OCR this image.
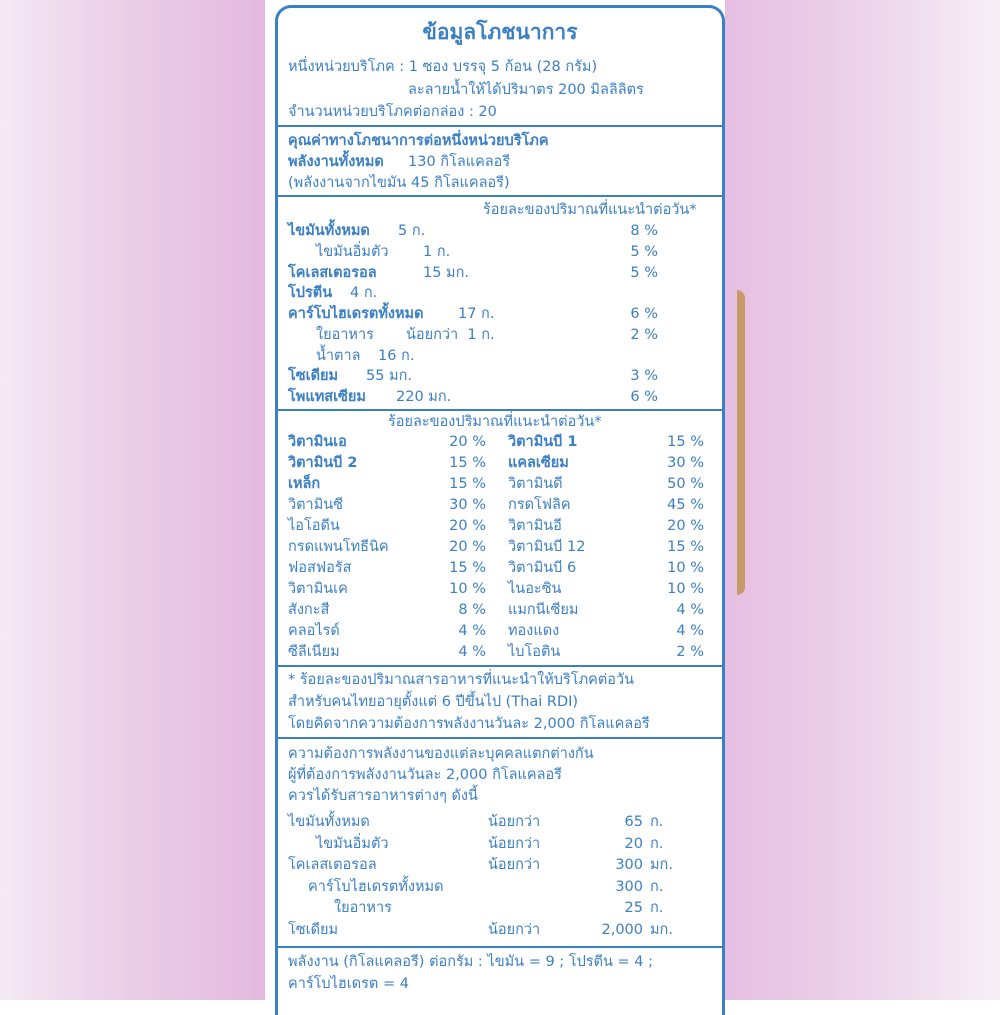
ข้อมูลโภชนาการ
หนึ่งหน่วยบริโภค : 1 ซอง บรรจุ 5 ก้อน (28 กรัม)
ละลายน้ำให้ได้ปริมาตร 200 มิลลิลิตร
จำนวนหน่วยบริโภคต่อกล่อง : 20
คุณค่าทางโภชนาการต่อหนึ่งหน่วยบริโภค
พลังงานทั้งหมด 130 กิโลแคลอรี
(พลังงานจากไขมัน 45 กิโลแคลอรี)
ร้อยละของปริมาณที่แนะนำต่อวัน*
ไขมันทั้งหมด 5 ก.	8 %
ไขมันอิ่มตัว 1 ก.	5 %
โคเลสเตอรอล	15 มก.	5 %
โปรตีน 4 ก.
คาร์โบไฮเดรตทั้งหมด 17 ก.	6 %
ใยอาหาร น้อยกว่า  1 ก.	2 %
น้ำตาล 16 ก.
โซเดียม 55 มก.	3 %
โพแทสเซียม 220 มก.	6 %
ร้อยละของปริมาณที่แนะนำต่อวัน*
วิตามินเอ	20 % วิตามินบี 1	15 %
วิตามินบี 2	15 % แคลเซียม	30 %
เหล็ก	15 % วิตามินดี	50 %
วิตามินซี	30 % กรดโฟลิค	45 %
ไอโอดีน	20 % วิตามินอี	20 %
กรดแพนโทธีนิค	20 % วิตามินบี 12	15 %
ฟอสฟอรัส	15 % วิตามินบี 6	10 %
วิตามินเค	10 % ไนอะซิน	10 %
สังกะสี	8 % แมกนีเซียม	4 %
คลอไรด์	4 % ทองแดง	4 %
ซีลีเนียม	4 % ไบโอติน	2 %
* ร้อยละของปริมาณสารอาหารที่แนะนำให้บริโภคต่อวัน
สำหรับคนไทยอายุตั้งแต่ 6 ปีขึ้นไป (Thai RDI)
โดยคิดจากความต้องการพลังงานวันละ 2,000 กิโลแคลอรี
ความต้องการพลังงานของแต่ละบุคคลแตกต่างกัน
ผู้ที่ต้องการพลังงานวันละ 2,000 กิโลแคลอรี
ควรได้รับสารอาหารต่างๆ ดังนี้
ไขมันทั้งหมด	น้อยกว่า	65 ก.
ไขมันอิ่มตัว	น้อยกว่า	20 ก.
โคเลสเตอรอล	น้อยกว่า	300 มก.
คาร์โบไฮเดรตทั้งหมด	300 ก.
ใยอาหาร	25 ก.
โซเดียม	น้อยกว่า	2,000 มก.
พลังงาน (กิโลแคลอรี) ต่อกรัม : ไขมัน = 9 ; โปรตีน = 4 ;
คาร์โบไฮเดรต = 4
